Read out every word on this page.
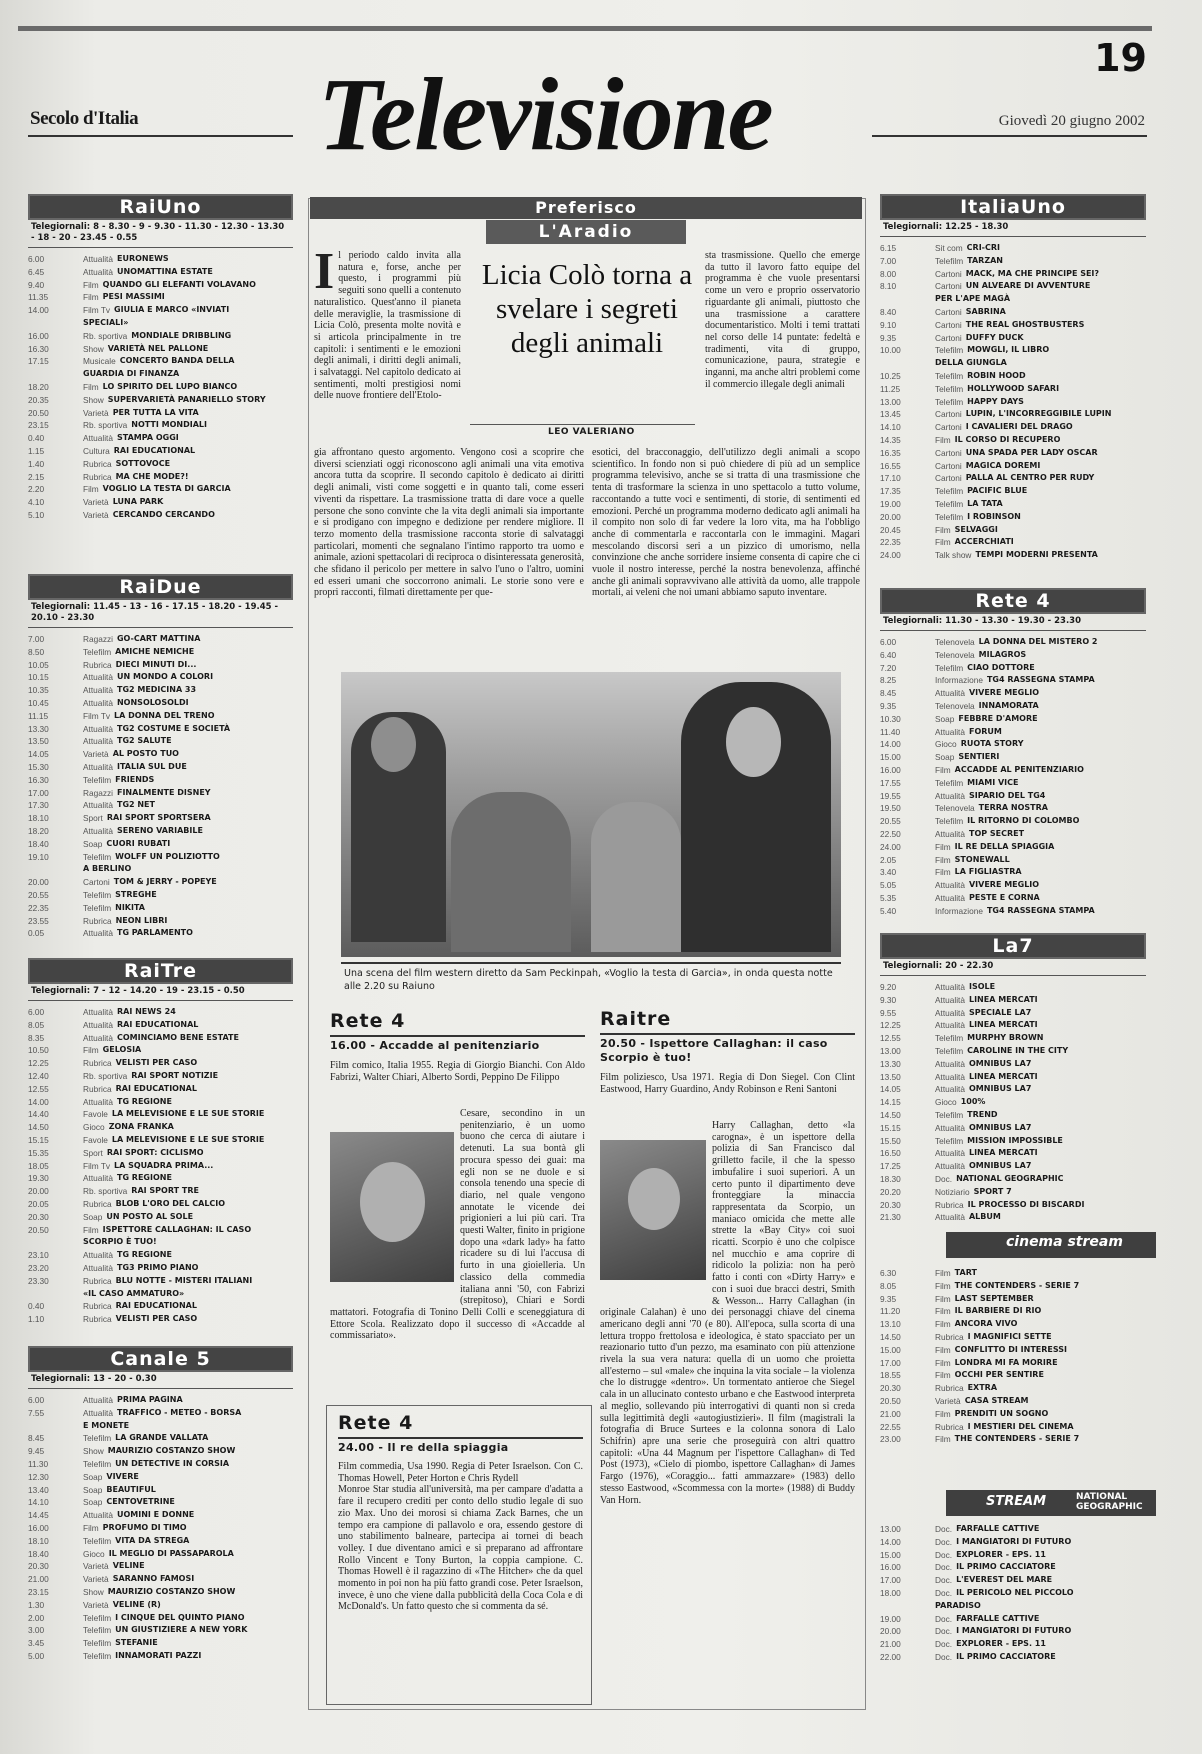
19
Secolo d'Italia	Giovedì 20 giugno 2002
Televisione
RaiUno
Telegiornali: 8 - 8.30 - 9 - 9.30 - 11.30 - 12.30 - 13.30 - 18 - 20 - 23.45 - 0.55
6.00	Attualità EURONEWS
6.45	Attualità UNOMATTINA ESTATE
9.40	Film QUANDO GLI ELEFANTI VOLAVANO
11.35	Film PESI MASSIMI
14.00	Film Tv GIULIA E MARCO «INVIATI
SPECIALI»
16.00	Rb. sportiva MONDIALE DRIBBLING
16.30	Show VARIETÀ NEL PALLONE
17.15	Musicale CONCERTO BANDA DELLA
GUARDIA DI FINANZA
18.20	Film LO SPIRITO DEL LUPO BIANCO
20.35	Show SUPERVARIETÀ PANARIELLO STORY
20.50	Varietà PER TUTTA LA VITA
23.15	Rb. sportiva NOTTI MONDIALI
0.40	Attualità STAMPA OGGI
1.15	Cultura RAI EDUCATIONAL
1.40	Rubrica SOTTOVOCE
2.15	Rubrica MA CHE MODE?!
2.20	Film VOGLIO LA TESTA DI GARCIA
4.10	Varietà LUNA PARK
5.10	Varietà CERCANDO CERCANDO
RaiDue
Telegiornali: 11.45 - 13 - 16 - 17.15 - 18.20 - 19.45 - 20.10 - 23.30
7.00	Ragazzi GO-CART MATTINA
8.50	Telefilm AMICHE NEMICHE
10.05	Rubrica DIECI MINUTI DI...
10.15	Attualità UN MONDO A COLORI
10.35	Attualità TG2 MEDICINA 33
10.45	Attualità NONSOLOSOLDI
11.15	Film Tv LA DONNA DEL TRENO
13.30	Attualità TG2 COSTUME E SOCIETÀ
13.50	Attualità TG2 SALUTE
14.05	Varietà AL POSTO TUO
15.30	Attualità ITALIA SUL DUE
16.30	Telefilm FRIENDS
17.00	Ragazzi FINALMENTE DISNEY
17.30	Attualità TG2 NET
18.10	Sport RAI SPORT SPORTSERA
18.20	Attualità SERENO VARIABILE
18.40	Soap CUORI RUBATI
19.10	Telefilm WOLFF UN POLIZIOTTO
A BERLINO
20.00	Cartoni TOM & JERRY - POPEYE
20.55	Telefilm STREGHE
22.35	Telefilm NIKITA
23.55	Rubrica NEON LIBRI
0.05	Attualità TG PARLAMENTO
RaiTre
Telegiornali: 7 - 12 - 14.20 - 19 - 23.15 - 0.50
6.00	Attualità RAI NEWS 24
8.05	Attualità RAI EDUCATIONAL
8.35	Attualità COMINCIAMO BENE ESTATE
10.50	Film GELOSIA
12.25	Rubrica VELISTI PER CASO
12.40	Rb. sportiva RAI SPORT NOTIZIE
12.55	Rubrica RAI EDUCATIONAL
14.00	Attualità TG REGIONE
14.40	Favole LA MELEVISIONE E LE SUE STORIE
14.50	Gioco ZONA FRANKA
15.15	Favole LA MELEVISIONE E LE SUE STORIE
15.35	Sport RAI SPORT: CICLISMO
18.05	Film Tv LA SQUADRA PRIMA...
19.30	Attualità TG REGIONE
20.00	Rb. sportiva RAI SPORT TRE
20.05	Rubrica BLOB L'ORO DEL CALCIO
20.30	Soap UN POSTO AL SOLE
20.50	Film ISPETTORE CALLAGHAN: IL CASO
SCORPIO È TUO!
23.10	Attualità TG REGIONE
23.20	Attualità TG3 PRIMO PIANO
23.30	Rubrica BLU NOTTE - MISTERI ITALIANI
«IL CASO AMMATURO»
0.40	Rubrica RAI EDUCATIONAL
1.10	Rubrica VELISTI PER CASO
Canale 5
Telegiornali: 13 - 20 - 0.30
6.00	Attualità PRIMA PAGINA
7.55	Attualità TRAFFICO - METEO - BORSA
E MONETE
8.45	Telefilm LA GRANDE VALLATA
9.45	Show MAURIZIO COSTANZO SHOW
11.30	Telefilm UN DETECTIVE IN CORSIA
12.30	Soap VIVERE
13.40	Soap BEAUTIFUL
14.10	Soap CENTOVETRINE
14.45	Attualità UOMINI E DONNE
16.00	Film PROFUMO DI TIMO
18.10	Telefilm VITA DA STREGA
18.40	Gioco IL MEGLIO DI PASSAPAROLA
20.30	Varietà VELINE
21.00	Varietà SARANNO FAMOSI
23.15	Show MAURIZIO COSTANZO SHOW
1.30	Varietà VELINE (R)
2.00	Telefilm I CINQUE DEL QUINTO PIANO
3.00	Telefilm UN GIUSTIZIERE A NEW YORK
3.45	Telefilm STEFANIE
5.00	Telefilm INNAMORATI PAZZI
ItaliaUno
Telegiornali: 12.25 - 18.30
6.15	Sit com CRI-CRI
7.00	Telefilm TARZAN
8.00	Cartoni MACK, MA CHE PRINCIPE SEI?
8.10	Cartoni UN ALVEARE DI AVVENTURE
PER L'APE MAGÀ
8.40	Cartoni SABRINA
9.10	Cartoni THE REAL GHOSTBUSTERS
9.35	Cartoni DUFFY DUCK
10.00	Telefilm MOWGLI, IL LIBRO
DELLA GIUNGLA
10.25	Telefilm ROBIN HOOD
11.25	Telefilm HOLLYWOOD SAFARI
13.00	Telefilm HAPPY DAYS
13.45	Cartoni LUPIN, L'INCORREGGIBILE LUPIN
14.10	Cartoni I CAVALIERI DEL DRAGO
14.35	Film IL CORSO DI RECUPERO
16.35	Cartoni UNA SPADA PER LADY OSCAR
16.55	Cartoni MAGICA DOREMI
17.10	Cartoni PALLA AL CENTRO PER RUDY
17.35	Telefilm PACIFIC BLUE
19.00	Telefilm LA TATA
20.00	Telefilm I ROBINSON
20.45	Film SELVAGGI
22.35	Film ACCERCHIATI
24.00	Talk show TEMPI MODERNI PRESENTA
Rete 4
Telegiornali: 11.30 - 13.30 - 19.30 - 23.30
6.00	Telenovela LA DONNA DEL MISTERO 2
6.40	Telenovela MILAGROS
7.20	Telefilm CIAO DOTTORE
8.25	Informazione TG4 RASSEGNA STAMPA
8.45	Attualità VIVERE MEGLIO
9.35	Telenovela INNAMORATA
10.30	Soap FEBBRE D'AMORE
11.40	Attualità FORUM
14.00	Gioco RUOTA STORY
15.00	Soap SENTIERI
16.00	Film ACCADDE AL PENITENZIARIO
17.55	Telefilm MIAMI VICE
19.55	Attualità SIPARIO DEL TG4
19.50	Telenovela TERRA NOSTRA
20.55	Telefilm IL RITORNO DI COLOMBO
22.50	Attualità TOP SECRET
24.00	Film IL RE DELLA SPIAGGIA
2.05	Film STONEWALL
3.40	Film LA FIGLIASTRA
5.05	Attualità VIVERE MEGLIO
5.35	Attualità PESTE E CORNA
5.40	Informazione TG4 RASSEGNA STAMPA
La7
Telegiornali: 20 - 22.30
9.20	Attualità ISOLE
9.30	Attualità LINEA MERCATI
9.55	Attualità SPECIALE LA7
12.25	Attualità LINEA MERCATI
12.55	Telefilm MURPHY BROWN
13.00	Telefilm CAROLINE IN THE CITY
13.30	Attualità OMNIBUS LA7
13.50	Attualità LINEA MERCATI
14.05	Attualità OMNIBUS LA7
14.15	Gioco 100%
14.50	Telefilm TREND
15.15	Attualità OMNIBUS LA7
15.50	Telefilm MISSION IMPOSSIBLE
16.50	Attualità LINEA MERCATI
17.25	Attualità OMNIBUS LA7
18.30	Doc. NATIONAL GEOGRAPHIC
20.20	Notiziario SPORT 7
20.30	Rubrica IL PROCESSO DI BISCARDI
21.30	Attualità ALBUM
cinema stream
6.30	Film TART
8.05	Film THE CONTENDERS - SERIE 7
9.35	Film LAST SEPTEMBER
11.20	Film IL BARBIERE DI RIO
13.10	Film ANCORA VIVO
14.50	Rubrica I MAGNIFICI SETTE
15.00	Film CONFLITTO DI INTERESSI
17.00	Film LONDRA MI FA MORIRE
18.55	Film OCCHI PER SENTIRE
20.30	Rubrica EXTRA
20.50	Varietà CASA STREAM
21.00	Film PRENDITI UN SOGNO
22.55	Rubrica I MESTIERI DEL CINEMA
23.00	Film THE CONTENDERS - SERIE 7
STREAM	NATIONAL GEOGRAPHIC
13.00	Doc. FARFALLE CATTIVE
14.00	Doc. I MANGIATORI DI FUTURO
15.00	Doc. EXPLORER - EPS. 11
16.00	Doc. IL PRIMO CACCIATORE
17.00	Doc. L'EVEREST DEL MARE
18.00	Doc. IL PERICOLO NEL PICCOLO
PARADISO
19.00	Doc. FARFALLE CATTIVE
20.00	Doc. I MANGIATORI DI FUTURO
21.00	Doc. EXPLORER - EPS. 11
22.00	Doc. IL PRIMO CACCIATORE
Preferisco
L'Aradio
Il periodo caldo invita alla natura e, forse, anche per questo, i programmi più seguiti sono quelli a contenuto naturalistico. Quest'anno il pianeta delle meraviglie, la trasmissione di Licia Colò, presenta molte novità e si articola principalmente in tre capitoli: i sentimenti e le emozioni degli animali, i diritti degli animali, i salvataggi. Nel capitolo dedicato ai sentimenti, molti prestigiosi nomi delle nuove frontiere dell'Etolo-
Licia Colò torna a svelare i segreti degli animali
LEO VALERIANO
sta trasmissione. Quello che emerge da tutto il lavoro fatto equipe del programma è che vuole presentarsi come un vero e proprio osservatorio riguardante gli animali, piuttosto che una trasmissione a carattere documentaristico. Molti i temi trattati nel corso delle 14 puntate: fedeltà e tradimenti, vita di gruppo, comunicazione, paura, strategie e inganni, ma anche altri problemi come il commercio illegale degli animali
gia affrontano questo argomento. Vengono così a scoprire che diversi scienziati oggi riconoscono agli animali una vita emotiva ancora tutta da scoprire. Il secondo capitolo è dedicato ai diritti degli animali, visti come soggetti e in quanto tali, come esseri viventi da rispettare. La trasmissione tratta di dare voce a quelle persone che sono convinte che la vita degli animali sia importante e si prodigano con impegno e dedizione per rendere migliore. Il terzo momento della trasmissione racconta storie di salvataggi particolari, momenti che segnalano l'intimo rapporto tra uomo e animale, azioni spettacolari di reciproca o disinteressata generosità, che sfidano il pericolo per mettere in salvo l'uno o l'altro, uomini ed esseri umani che soccorrono animali. Le storie sono vere e propri racconti, filmati direttamente per que-
esotici, del bracconaggio, dell'utilizzo degli animali a scopo scientifico. In fondo non si può chiedere di più ad un semplice programma televisivo, anche se si tratta di una trasmissione che tenta di trasformare la scienza in uno spettacolo a tutto volume, raccontando a tutte voci e sentimenti, di storie, di sentimenti ed emozioni. Perché un programma moderno dedicato agli animali ha il compito non solo di far vedere la loro vita, ma ha l'obbligo anche di commentarla e raccontarla con le immagini. Magari mescolando discorsi seri a un pizzico di umorismo, nella convinzione che anche sorridere insieme consenta di capire che ci vuole il nostro interesse, perché la nostra benevolenza, affinché anche gli animali sopravvivano alle attività da uomo, alle trappole mortali, ai veleni che noi umani abbiamo saputo inventare.
Una scena del film western diretto da Sam Peckinpah, «Voglio la testa di Garcia», in onda questa notte alle 2.20 su Raiuno
Rete 4
16.00 - Accadde al penitenziario
Film comico, Italia 1955. Regia di Giorgio Bianchi. Con Aldo Fabrizi, Walter Chiari, Alberto Sordi, Peppino De Filippo
Cesare, secondino in un penitenziario, è un uomo buono che cerca di aiutare i detenuti. La sua bontà gli procura spesso dei guai: ma egli non se ne duole e si consola tenendo una specie di diario, nel quale vengono annotate le vicende dei prigionieri a lui più cari. Tra questi Walter, finito in prigione dopo una «dark lady» ha fatto ricadere su di lui l'accusa di furto in una gioielleria. Un classico della commedia italiana anni '50, con Fabrizi (strepitoso), Chiari e Sordi mattatori. Fotografia di Tonino Delli Colli e sceneggiatura di Ettore Scola. Realizzato dopo il successo di «Accadde al commissariato».
Rete 4
24.00 - Il re della spiaggia
Film commedia, Usa 1990. Regia di Peter Israelson. Con C. Thomas Howell, Peter Horton e Chris Rydell
Monroe Star studia all'università, ma per campare d'adatta a fare il recupero crediti per conto dello studio legale di suo zio Max. Uno dei morosi si chiama Zack Barnes, che un tempo era campione di pallavolo e ora, essendo gestore di uno stabilimento balneare, partecipa ai tornei di beach volley. I due diventano amici e si preparano ad affrontare Rollo Vincent e Tony Burton, la coppia campione. C. Thomas Howell è il ragazzino di «The Hitcher» che da quel momento in poi non ha più fatto grandi cose. Peter Israelson, invece, è uno che viene dalla pubblicità della Coca Cola e di McDonald's. Un fatto questo che si commenta da sé.
Raitre
20.50 - Ispettore Callaghan: il caso Scorpio è tuo!
Film poliziesco, Usa 1971. Regia di Don Siegel. Con Clint Eastwood, Harry Guardino, Andy Robinson e Reni Santoni
Harry Callaghan, detto «la carogna», è un ispettore della polizia di San Francisco dal grilletto facile, il che la spesso imbufalire i suoi superiori. A un certo punto il dipartimento deve fronteggiare la minaccia rappresentata da Scorpio, un maniaco omicida che mette alle strette la «Bay City» coi suoi ricatti. Scorpio è uno che colpisce nel mucchio e ama coprire di ridicolo la polizia: non ha però fatto i conti con «Dirty Harry» e con i suoi due bracci destri, Smith & Wesson... Harry Callaghan (in originale Calahan) è uno dei personaggi chiave del cinema americano degli anni '70 (e 80). All'epoca, sulla scorta di una lettura troppo frettolosa e ideologica, è stato spacciato per un reazionario tutto d'un pezzo, ma esaminato con più attenzione rivela la sua vera natura: quella di un uomo che proietta all'esterno – sul «male» che inquina la vita sociale – la violenza che lo distrugge «dentro». Un tormentato antieroe che Siegel cala in un allucinato contesto urbano e che Eastwood interpreta al meglio, sollevando più interrogativi di quanti non si creda sulla legittimità degli «autogiustizieri». Il film (magistrali la fotografia di Bruce Surtees e la colonna sonora di Lalo Schifrin) apre una serie che proseguirà con altri quattro capitoli: «Una 44 Magnum per l'ispettore Callaghan» di Ted Post (1973), «Cielo di piombo, ispettore Callaghan» di James Fargo (1976), «Coraggio... fatti ammazzare» (1983) dello stesso Eastwood, «Scommessa con la morte» (1988) di Buddy Van Horn.
